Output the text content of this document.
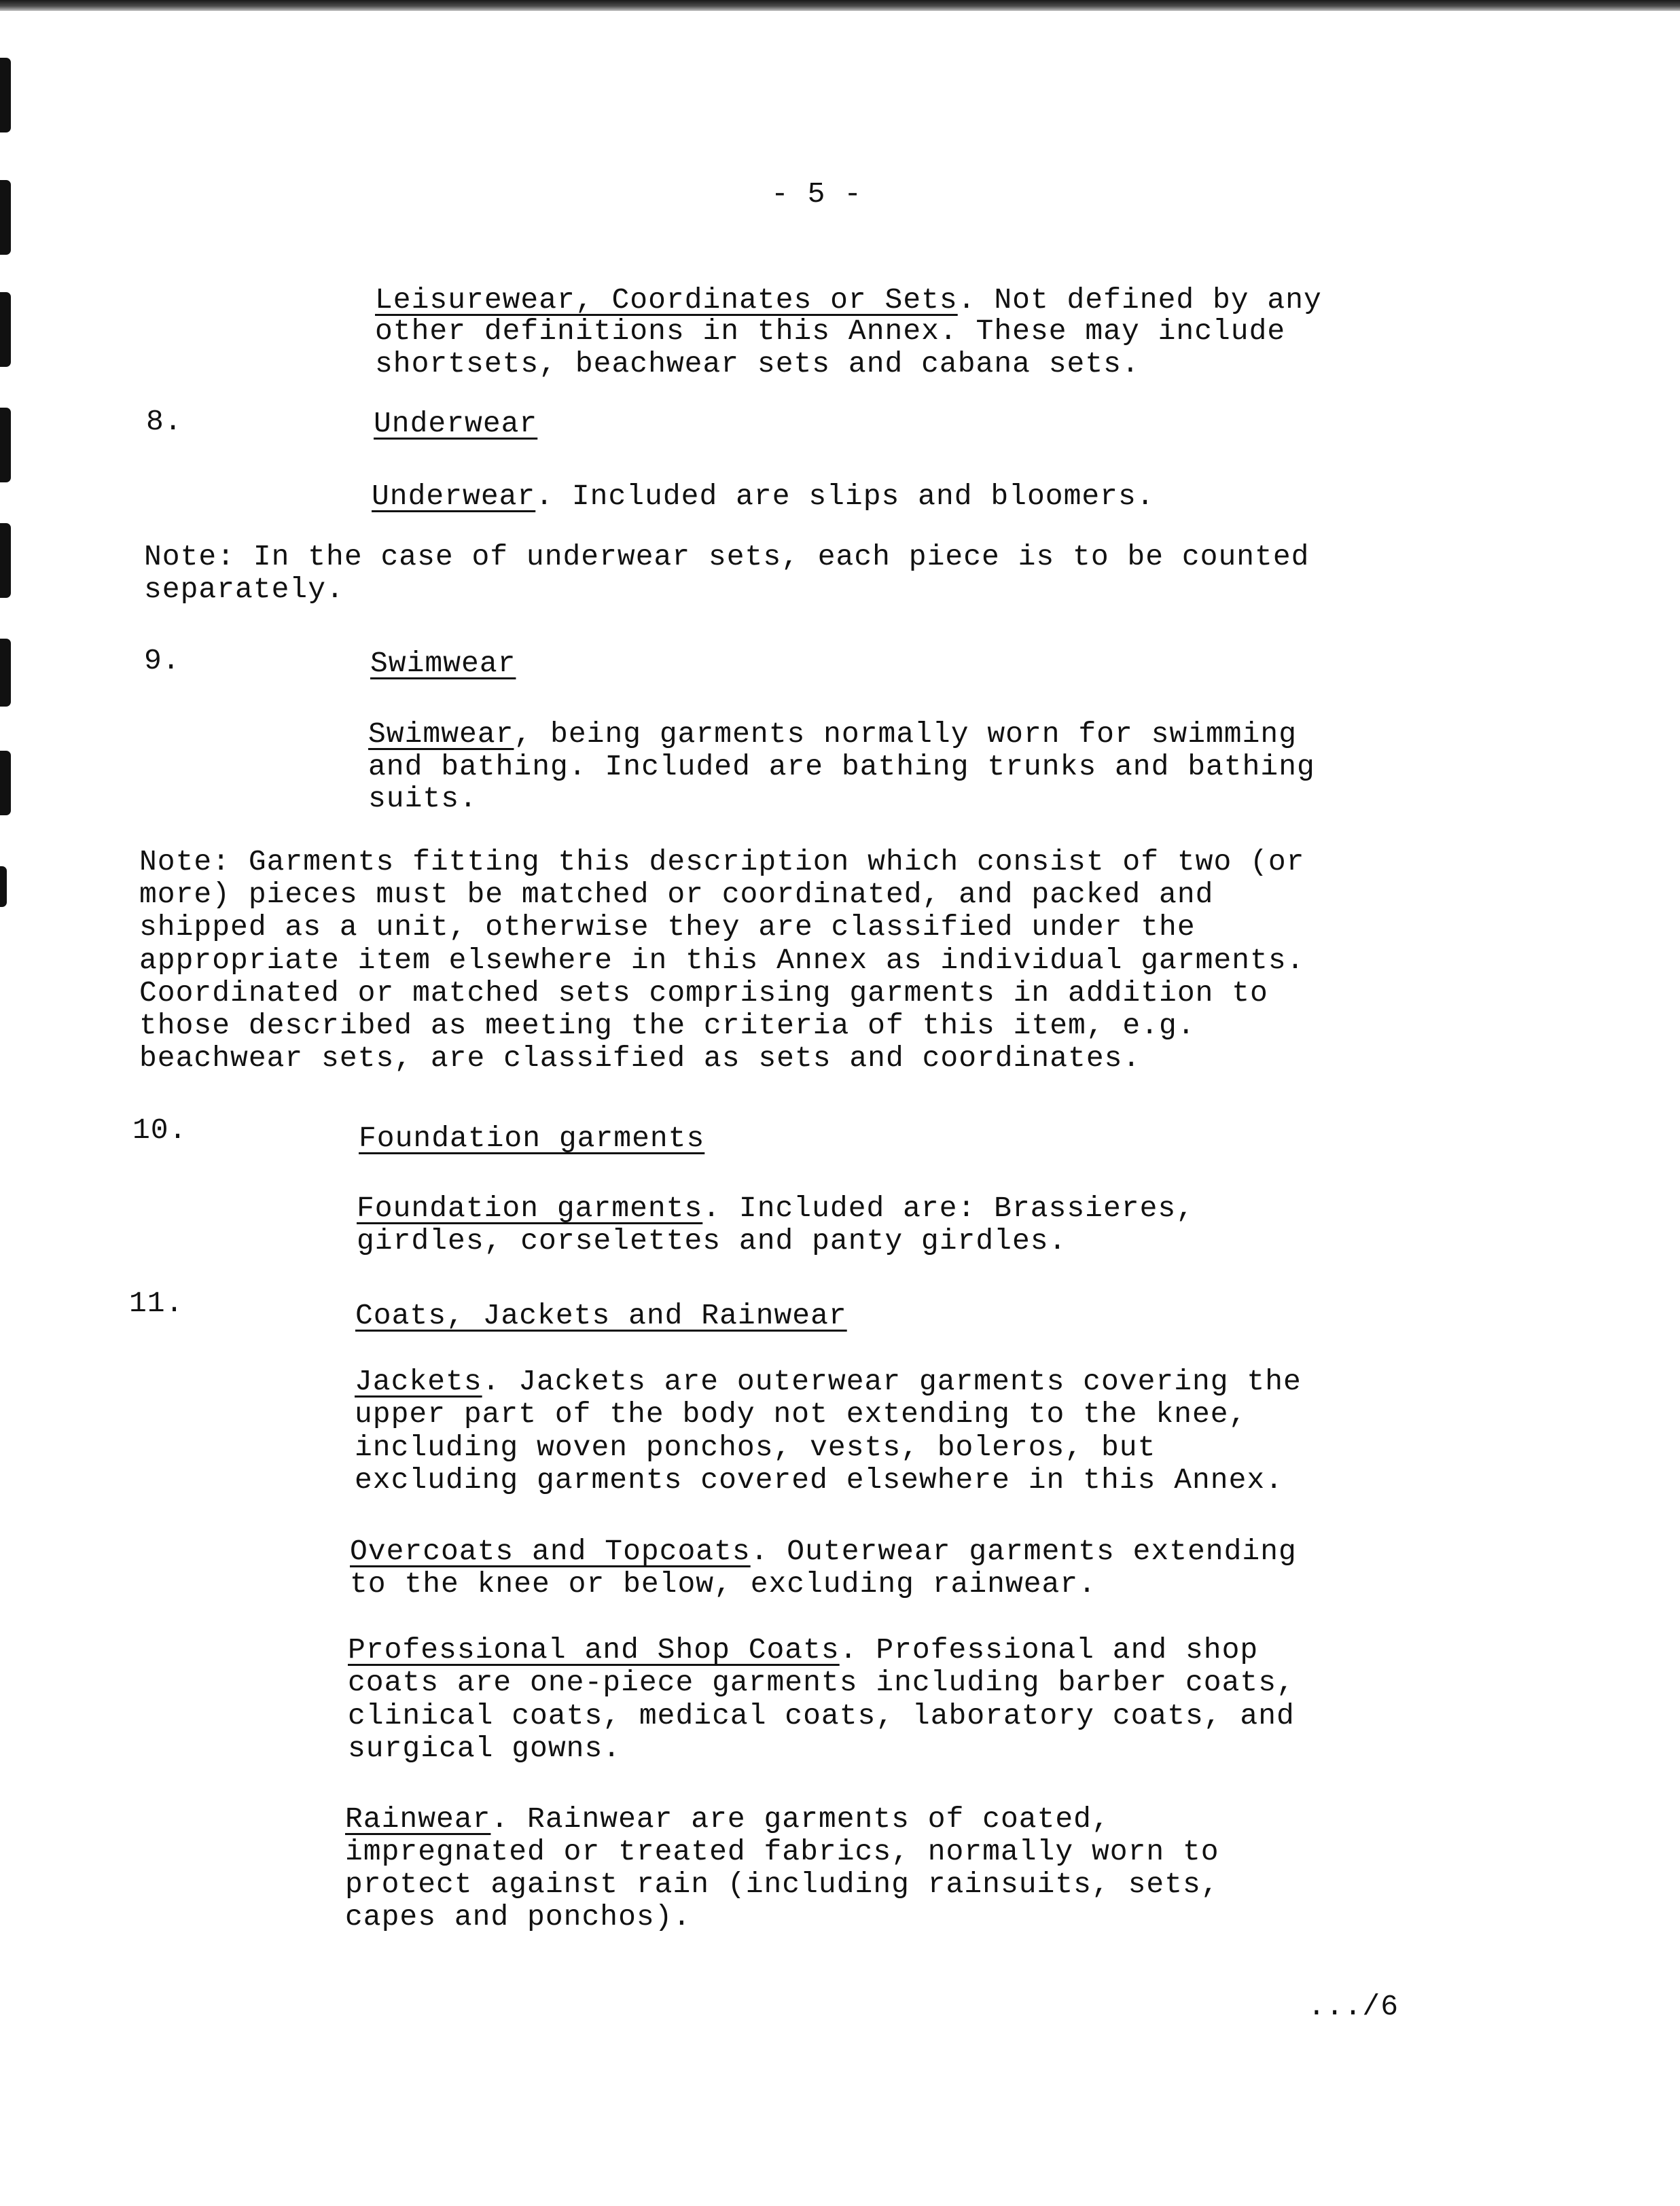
- 5 -

Leisurewear, Coordinates or Sets. Not defined by any

other definitions in this Annex. These may include

shortsets, beachwear sets and cabana sets.

8.	Underwear

Underwear. Included are slips and bloomers.

Note: In the case of underwear sets, each piece is to be counted

separately.

9.	Swimwear

Swimwear, being garments normally worn for swimming

and bathing. Included are bathing trunks and bathing

suits.

Note: Garments fitting this description which consist of two (or

more) pieces must be matched or coordinated, and packed and

shipped as a unit, otherwise they are classified under the

appropriate item elsewhere in this Annex as individual garments.

Coordinated or matched sets comprising garments in addition to

those described as meeting the criteria of this item, e.g.

beachwear sets, are classified as sets and coordinates.

10.	Foundation garments

Foundation garments. Included are: Brassieres,

girdles, corselettes and panty girdles.

11.	Coats, Jackets and Rainwear

Jackets. Jackets are outerwear garments covering the

upper part of the body not extending to the knee,

including woven ponchos, vests, boleros, but

excluding garments covered elsewhere in this Annex.

Overcoats and Topcoats. Outerwear garments extending

to the knee or below, excluding rainwear.

Professional and Shop Coats. Professional and shop

coats are one-piece garments including barber coats,

clinical coats, medical coats, laboratory coats, and

surgical gowns.

Rainwear. Rainwear are garments of coated,

impregnated or treated fabrics, normally worn to

protect against rain (including rainsuits, sets,

capes and ponchos).

.../6
